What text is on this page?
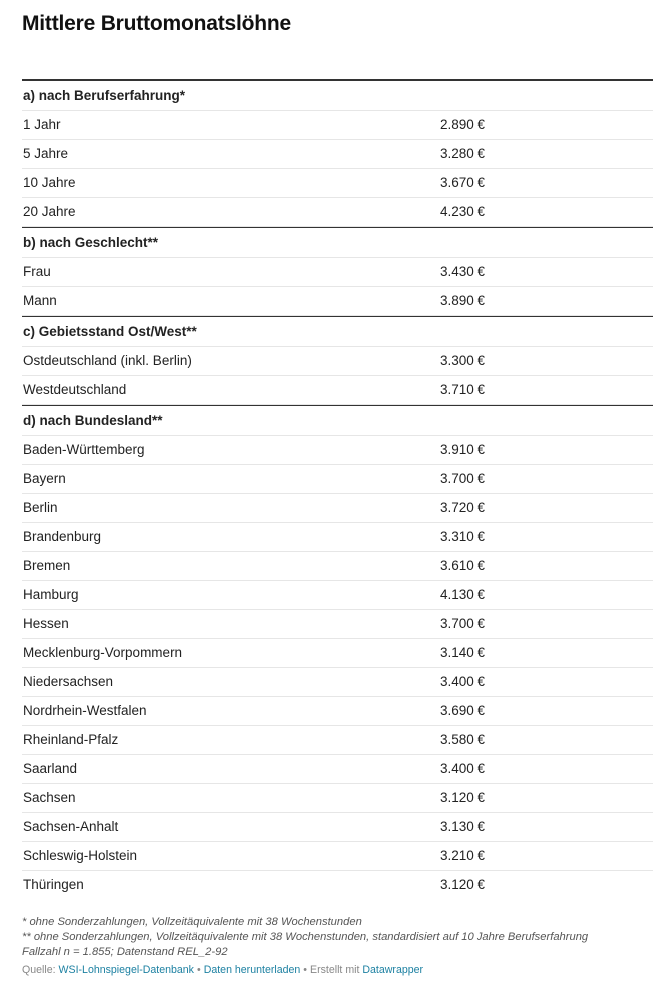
Mittlere Bruttomonatslöhne
a) nach Berufserfahrung*
1 Jahr	2.890 €
5 Jahre	3.280 €
10 Jahre	3.670 €
20 Jahre	4.230 €
b) nach Geschlecht**
Frau	3.430 €
Mann	3.890 €
c) Gebietsstand Ost/West**
Ostdeutschland (inkl. Berlin)	3.300 €
Westdeutschland	3.710 €
d) nach Bundesland**
Baden-Württemberg	3.910 €
Bayern	3.700 €
Berlin	3.720 €
Brandenburg	3.310 €
Bremen	3.610 €
Hamburg	4.130 €
Hessen	3.700 €
Mecklenburg-Vorpommern	3.140 €
Niedersachsen	3.400 €
Nordrhein-Westfalen	3.690 €
Rheinland-Pfalz	3.580 €
Saarland	3.400 €
Sachsen	3.120 €
Sachsen-Anhalt	3.130 €
Schleswig-Holstein	3.210 €
Thüringen	3.120 €
* ohne Sonderzahlungen, Vollzeitäquivalente mit 38 Wochenstunden
** ohne Sonderzahlungen, Vollzeitäquivalente mit 38 Wochenstunden, standardisiert auf 10 Jahre Berufserfahrung
Fallzahl n = 1.855; Datenstand REL_2-92
Quelle: WSI-Lohnspiegel-Datenbank • Daten herunterladen • Erstellt mit Datawrapper
